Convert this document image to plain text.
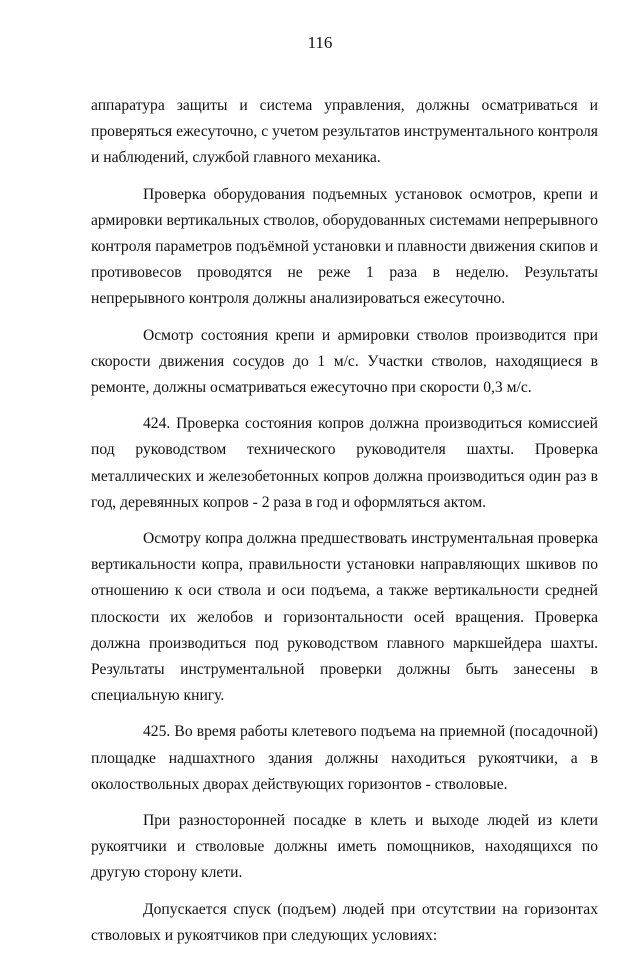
116

аппаратура защиты и система управления, должны осматриваться и проверяться ежесуточно, с учетом результатов инструментального контроля и наблюдений, службой главного механика.

Проверка оборудования подъемных установок осмотров, крепи и армировки вертикальных стволов, оборудованных системами непрерывного контроля параметров подъёмной установки и плавности движения скипов и противовесов проводятся не реже 1 раза в неделю. Результаты непрерывного контроля должны анализироваться ежесуточно.

Осмотр состояния крепи и армировки стволов производится при скорости движения сосудов до 1 м/с. Участки стволов, находящиеся в ремонте, должны осматриваться ежесуточно при скорости 0,3 м/с.

424. Проверка состояния копров должна производиться комиссией под руководством технического руководителя шахты. Проверка металлических и железобетонных копров должна производиться один раз в год, деревянных копров - 2 раза в год и оформляться актом.

Осмотру копра должна предшествовать инструментальная проверка вертикальности копра, правильности установки направляющих шкивов по отношению к оси ствола и оси подъема, а также вертикальности средней плоскости их желобов и горизонтальности осей вращения. Проверка должна производиться под руководством главного маркшейдера шахты. Результаты инструментальной проверки должны быть занесены в специальную книгу.

425. Во время работы клетевого подъема на приемной (посадочной) площадке надшахтного здания должны находиться рукоятчики, а в околоствольных дворах действующих горизонтов - стволовые.

При разносторонней посадке в клеть и выходе людей из клети рукоятчики и стволовые должны иметь помощников, находящихся по другую сторону клети.

Допускается спуск (подъем) людей при отсутствии на горизонтах стволовых и рукоятчиков при следующих условиях:
